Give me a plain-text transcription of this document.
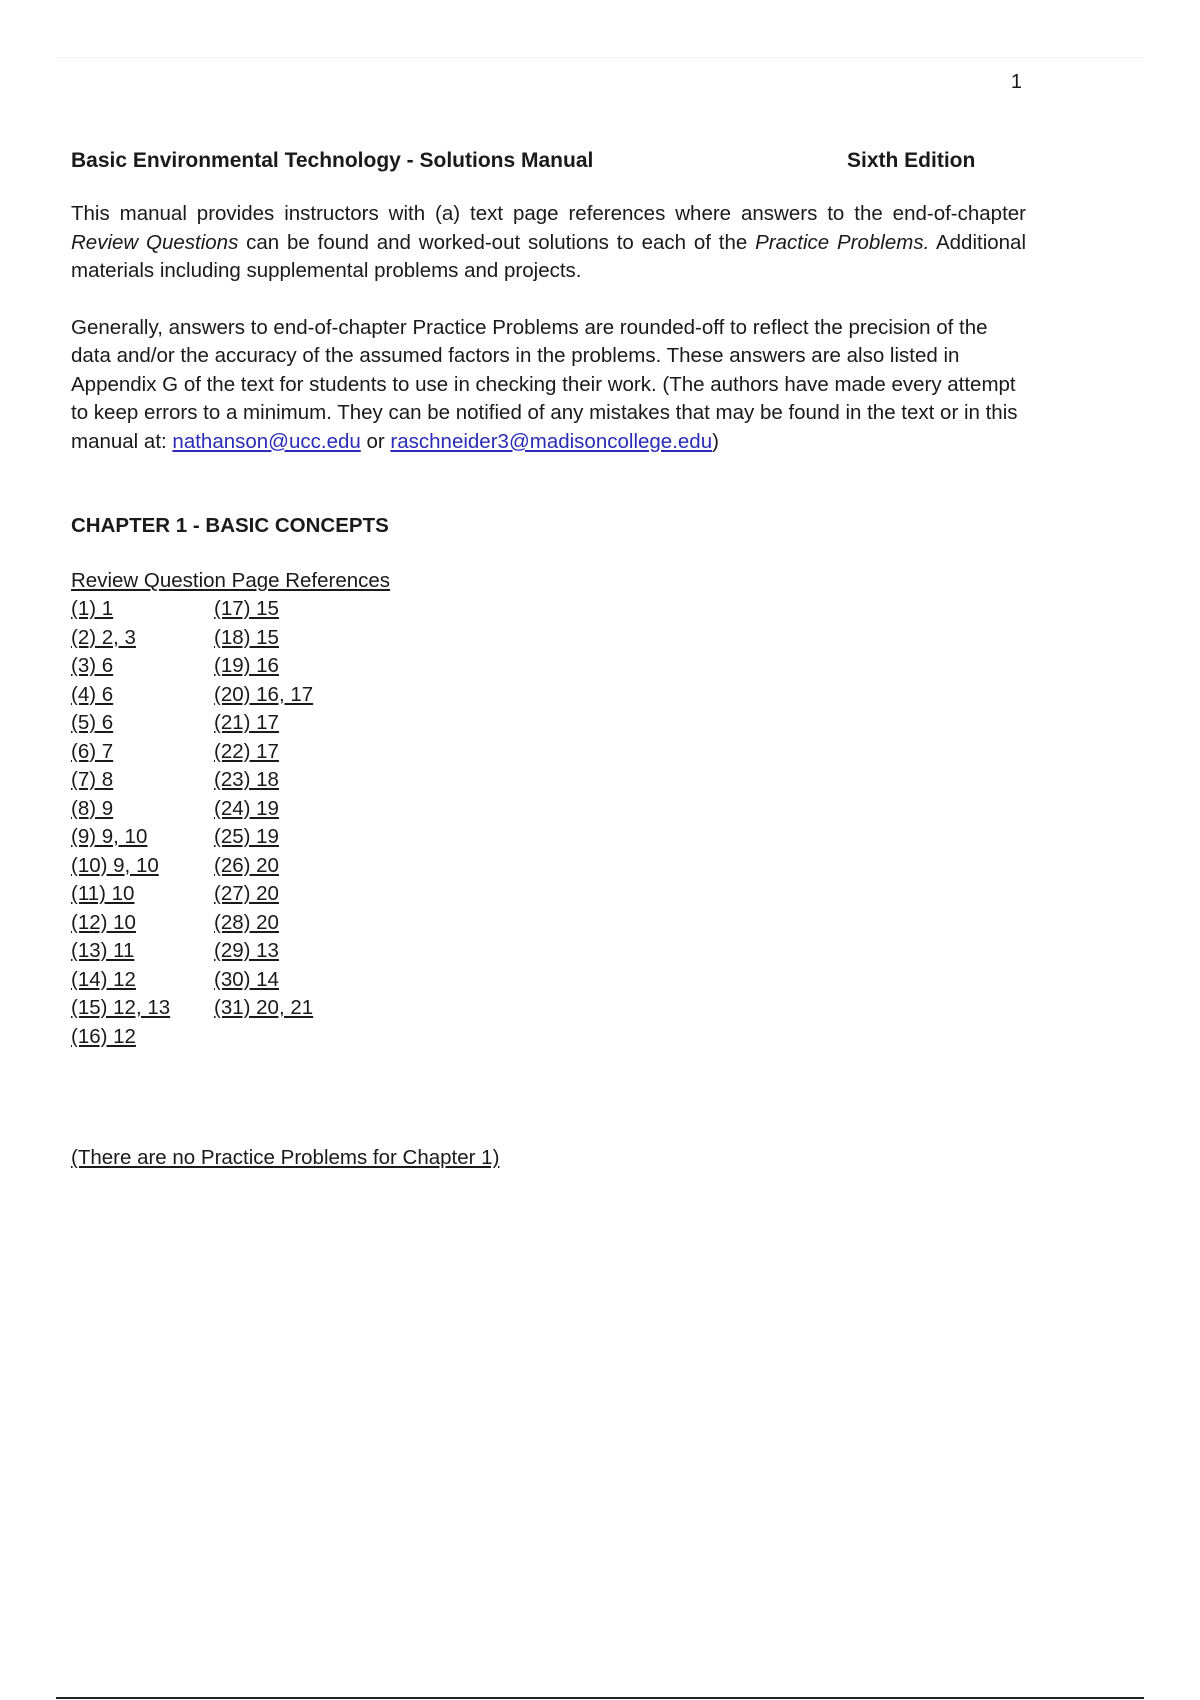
1
Basic Environmental Technology - Solutions Manual	Sixth Edition

This manual provides instructors with (a) text page references where answers to the end-of-chapter Review Questions can be found and worked-out solutions to each of the Practice Problems. Additional materials including supplemental problems and projects.

Generally, answers to end-of-chapter Practice Problems are rounded-off to reflect the precision of the data and/or the accuracy of the assumed factors in the problems. These answers are also listed in Appendix G of the text for students to use in checking their work. (The authors have made every attempt to keep errors to a minimum. They can be notified of any mistakes that may be found in the text or in this manual at: nathanson@ucc.edu or raschneider3@madisoncollege.edu)

CHAPTER 1 - BASIC CONCEPTS
Review Question Page References
(1) 1
(2) 2, 3
(3) 6
(4) 6
(5) 6
(6) 7
(7) 8
(8) 9
(9) 9, 10
(10) 9, 10
(11) 10
(12) 10
(13) 11
(14) 12
(15) 12, 13
(16) 12
(17) 15
(18) 15
(19) 16
(20) 16, 17
(21) 17
(22) 17
(23) 18
(24) 19
(25) 19
(26) 20
(27) 20
(28) 20
(29) 13
(30) 14
(31) 20, 21
(There are no Practice Problems for Chapter 1)
